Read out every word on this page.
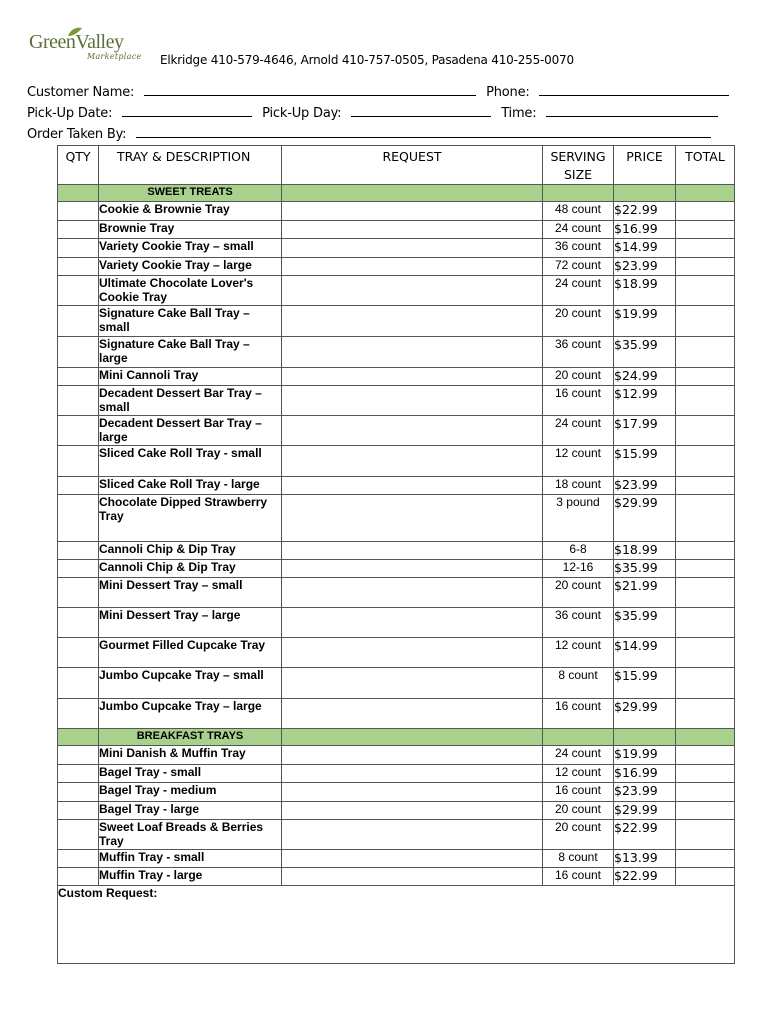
GreenValley
Marketplace Elkridge 410-579-4646, Arnold 410-757-0505, Pasadena 410-255-0070
Customer Name:	Phone:
Pick-Up Date:	Pick-Up Day:	Time:
Order Taken By:
QTY	TRAY & DESCRIPTION	REQUEST	SERVING SIZE	PRICE	TOTAL
	SWEET TREATS				
	Cookie & Brownie Tray		48 count	$22.99	
	Brownie Tray		24 count	$16.99	
	Variety Cookie Tray – small		36 count	$14.99	
	Variety Cookie Tray – large		72 count	$23.99	
	Ultimate Chocolate Lover's Cookie Tray		24 count	$18.99	
	Signature Cake Ball Tray – small		20 count	$19.99	
	Signature Cake Ball Tray – large		36 count	$35.99	
	Mini Cannoli Tray		20 count	$24.99	
	Decadent Dessert Bar Tray – small		16 count	$12.99	
	Decadent Dessert Bar Tray – large		24 count	$17.99	
	Sliced Cake Roll Tray - small		12 count	$15.99	
	Sliced Cake Roll Tray - large		18 count	$23.99	
	Chocolate Dipped Strawberry Tray		3 pound	$29.99	
	Cannoli Chip & Dip Tray		6-8	$18.99	
	Cannoli Chip & Dip Tray		12-16	$35.99	
	Mini Dessert Tray – small		20 count	$21.99	
	Mini Dessert Tray – large		36 count	$35.99	
	Gourmet Filled Cupcake Tray		12 count	$14.99	
	Jumbo Cupcake Tray – small		8 count	$15.99	
	Jumbo Cupcake Tray – large		16 count	$29.99	
	BREAKFAST TRAYS				
	Mini Danish & Muffin Tray		24 count	$19.99	
	Bagel Tray - small		12 count	$16.99	
	Bagel Tray - medium		16 count	$23.99	
	Bagel Tray - large		20 count	$29.99	
	Sweet Loaf Breads & Berries Tray		20 count	$22.99	
	Muffin Tray - small		8 count	$13.99	
	Muffin Tray - large		16 count	$22.99	
Custom Request:					
